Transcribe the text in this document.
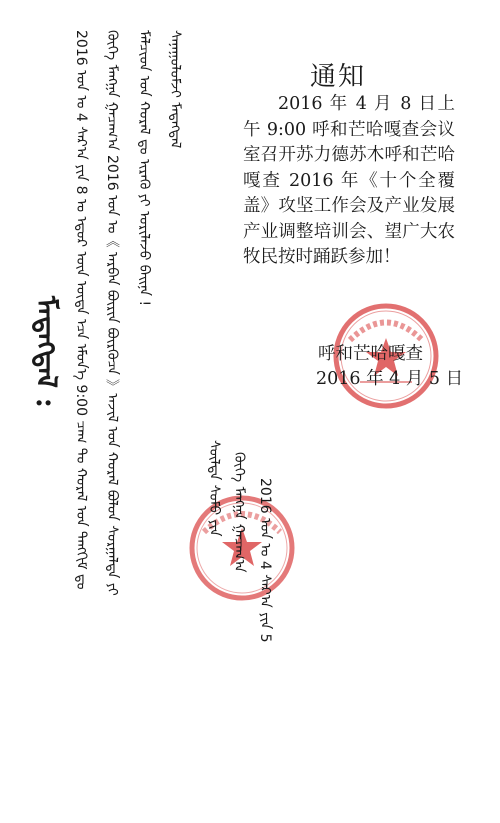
通知
2016 年 4 月 8 日上午 9:00 呼和芒哈嘎查会议室召开苏力德苏木呼和芒哈嘎查 2016 年《十个全覆盖》攻坚工作会及产业发展产业调整培训会、望广大农牧民按时踊跃参加！
呼和芒哈嘎查
2016 年 4 月 5 日
ᠰᠠᠨᠠᠭᠤᠯᠤᠮᠵᠢ ᠮᠡᠳᠡᠭᠳᠡᠯ
ᠮᠠᠯᠴᠢᠳ ᠤᠨ ᠬᠤᠷᠠᠯ ᠳᠤ ᠢᠷᠡᠬᠦ ᠶᠢ ᠤᠷᠢᠯᠠᠵᠤ ᠪᠠᠢᠨᠠ !
ᠬᠥᠬᠡ ᠮᠠᠩᠬ᠋ᠠ ᠭᠠᠴᠠᠭ᠎ᠠ 2016 ᠣᠨ ᠤ《 ᠠᠷᠪᠠᠨ ᠪᠦᠷᠢᠨ ᠪᠦᠷᠬᠦᠴᠡ 》ᠠᠵᠢᠯ ᠤᠨ ᠬᠤᠷᠠᠯ ᠪᠤᠯᠤᠨ ᠰᠤᠷᠭᠠᠯᠲᠠ ᠶᠢ
2016 ᠣᠨ ᠤ 4 ᠰᠠᠷ᠎ᠠ ᠶᠢᠨ 8 ᠤ ᠡᠳᠦᠷ ᠦᠨ ᠦᠳᠡ ᠡᠴᠡ ᠡᠮᠦᠨ᠎ᠡ 9:00 ᠴᠠᠭ ᠲᠤ ᠬᠤᠷᠠᠯ ᠤᠨ ᠲᠠᠩᠬᠢᠮ ᠳᠤ
ᠮᠡᠳᠡᠭᠳᠡᠯ :
2016 ᠣᠨ ᠤ 4 ᠰᠠᠷ᠎ᠠ ᠶᠢᠨ 5
ᠬᠥᠬᠡ ᠮᠠᠩᠬ᠋ᠠ ᠭᠠᠴᠠᠭ᠎ᠠ
ᠰᠦᠯᠳᠡ ᠰᠤᠮᠤ ᠶᠢᠨ
